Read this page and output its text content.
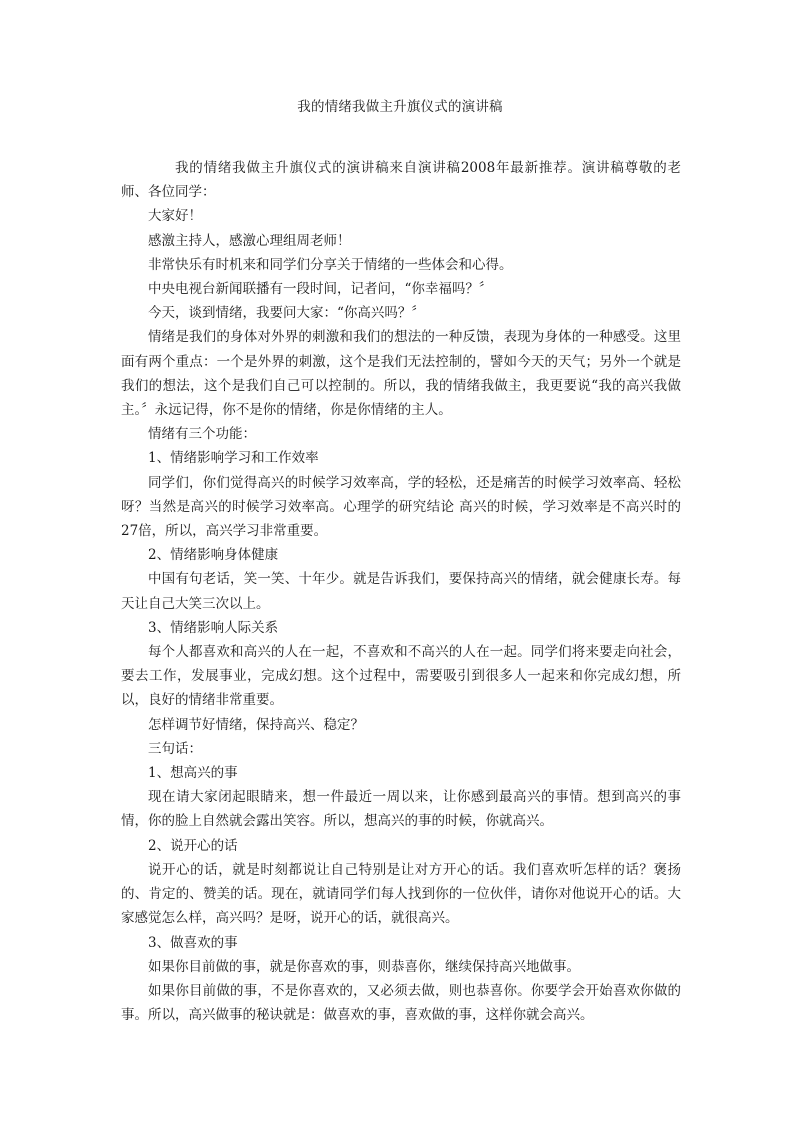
我的情绪我做主升旗仪式的演讲稿

我的情绪我做主升旗仪式的演讲稿来自演讲稿2008年最新推荐。演讲稿尊敬的老师、各位同学：

大家好！

感激主持人，感激心理组周老师！

非常快乐有时机来和同学们分享关于情绪的一些体会和心得。

中央电视台新闻联播有一段时间，记者问，“你幸福吗？〞

今天，谈到情绪，我要问大家：“你高兴吗？〞

情绪是我们的身体对外界的刺激和我们的想法的一种反馈，表现为身体的一种感受。这里面有两个重点：一个是外界的刺激，这个是我们无法控制的，譬如今天的天气；另外一个就是我们的想法，这个是我们自己可以控制的。所以，我的情绪我做主，我更要说“我的高兴我做主。〞永远记得，你不是你的情绪，你是你情绪的主人。

情绪有三个功能：

1、情绪影响学习和工作效率

同学们，你们觉得高兴的时候学习效率高，学的轻松，还是痛苦的时候学习效率高、轻松呀？当然是高兴的时候学习效率高。心理学的研究结论 高兴的时候，学习效率是不高兴时的27倍，所以，高兴学习非常重要。

2、情绪影响身体健康

中国有句老话，笑一笑、十年少。就是告诉我们，要保持高兴的情绪，就会健康长寿。每天让自己大笑三次以上。

3、情绪影响人际关系

每个人都喜欢和高兴的人在一起，不喜欢和不高兴的人在一起。同学们将来要走向社会，要去工作，发展事业，完成幻想。这个过程中，需要吸引到很多人一起来和你完成幻想，所以，良好的情绪非常重要。

怎样调节好情绪，保持高兴、稳定？

三句话：

1、想高兴的事

现在请大家闭起眼睛来，想一件最近一周以来，让你感到最高兴的事情。想到高兴的事情，你的脸上自然就会露出笑容。所以，想高兴的事的时候，你就高兴。

2、说开心的话

说开心的话，就是时刻都说让自己特别是让对方开心的话。我们喜欢听怎样的话？褒扬的、肯定的、赞美的话。现在，就请同学们每人找到你的一位伙伴，请你对他说开心的话。大家感觉怎么样，高兴吗？是呀，说开心的话，就很高兴。

3、做喜欢的事

如果你目前做的事，就是你喜欢的事，则恭喜你，继续保持高兴地做事。

如果你目前做的事，不是你喜欢的，又必须去做，则也恭喜你。你要学会开始喜欢你做的事。所以，高兴做事的秘诀就是：做喜欢的事，喜欢做的事，这样你就会高兴。
